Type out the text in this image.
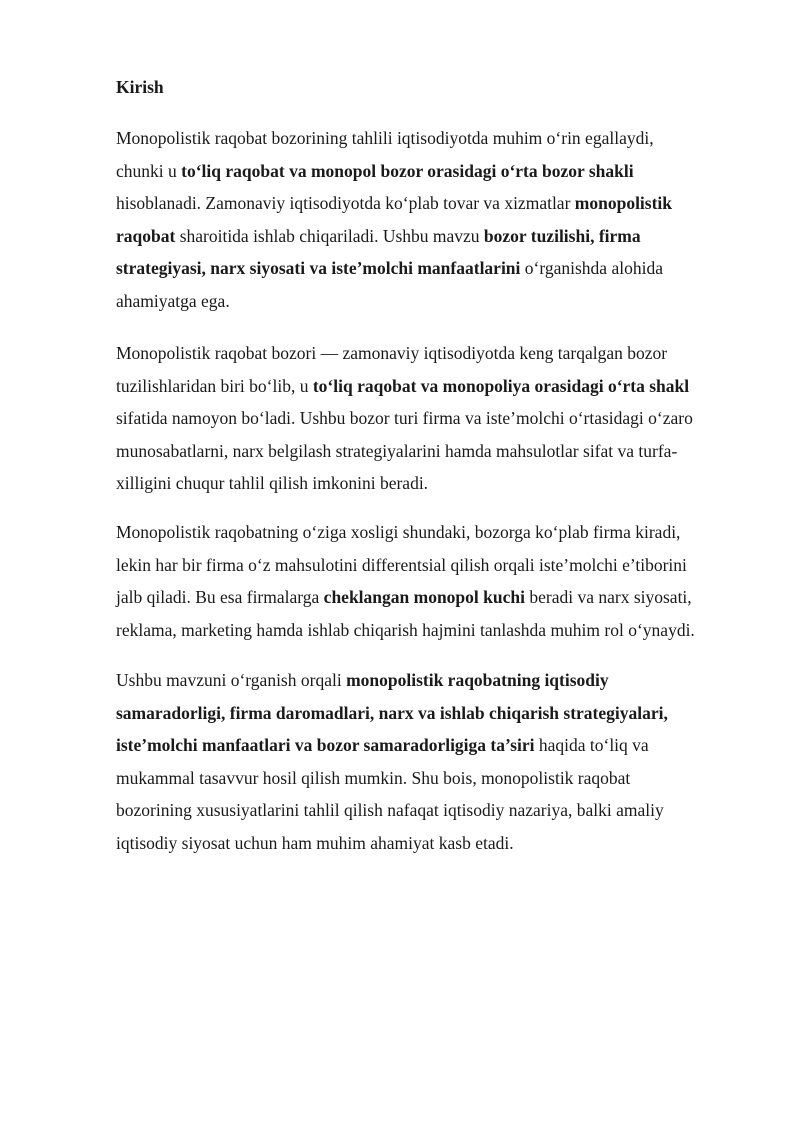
Kirish

Monopolistik raqobat bozorining tahlili iqtisodiyotda muhim o‘rin egallaydi,
chunki u to‘liq raqobat va monopol bozor orasidagi o‘rta bozor shakli
hisoblanadi. Zamonaviy iqtisodiyotda ko‘plab tovar va xizmatlar monopolistik
raqobat sharoitida ishlab chiqariladi. Ushbu mavzu bozor tuzilishi, firma
strategiyasi, narx siyosati va iste’molchi manfaatlarini o‘rganishda alohida
ahamiyatga ega.

Monopolistik raqobat bozori — zamonaviy iqtisodiyotda keng tarqalgan bozor
tuzilishlaridan biri bo‘lib, u to‘liq raqobat va monopoliya orasidagi o‘rta shakl
sifatida namoyon bo‘ladi. Ushbu bozor turi firma va iste’molchi o‘rtasidagi o‘zaro
munosabatlarni, narx belgilash strategiyalarini hamda mahsulotlar sifat va turfa-
xilligini chuqur tahlil qilish imkonini beradi.

Monopolistik raqobatning o‘ziga xosligi shundaki, bozorga ko‘plab firma kiradi,
lekin har bir firma o‘z mahsulotini differentsial qilish orqali iste’molchi e’tiborini
jalb qiladi. Bu esa firmalarga cheklangan monopol kuchi beradi va narx siyosati,
reklama, marketing hamda ishlab chiqarish hajmini tanlashda muhim rol o‘ynaydi.

Ushbu mavzuni o‘rganish orqali monopolistik raqobatning iqtisodiy
samaradorligi, firma daromadlari, narx va ishlab chiqarish strategiyalari,
iste’molchi manfaatlari va bozor samaradorligiga ta’siri haqida to‘liq va
mukammal tasavvur hosil qilish mumkin. Shu bois, monopolistik raqobat
bozorining xususiyatlarini tahlil qilish nafaqat iqtisodiy nazariya, balki amaliy
iqtisodiy siyosat uchun ham muhim ahamiyat kasb etadi.
